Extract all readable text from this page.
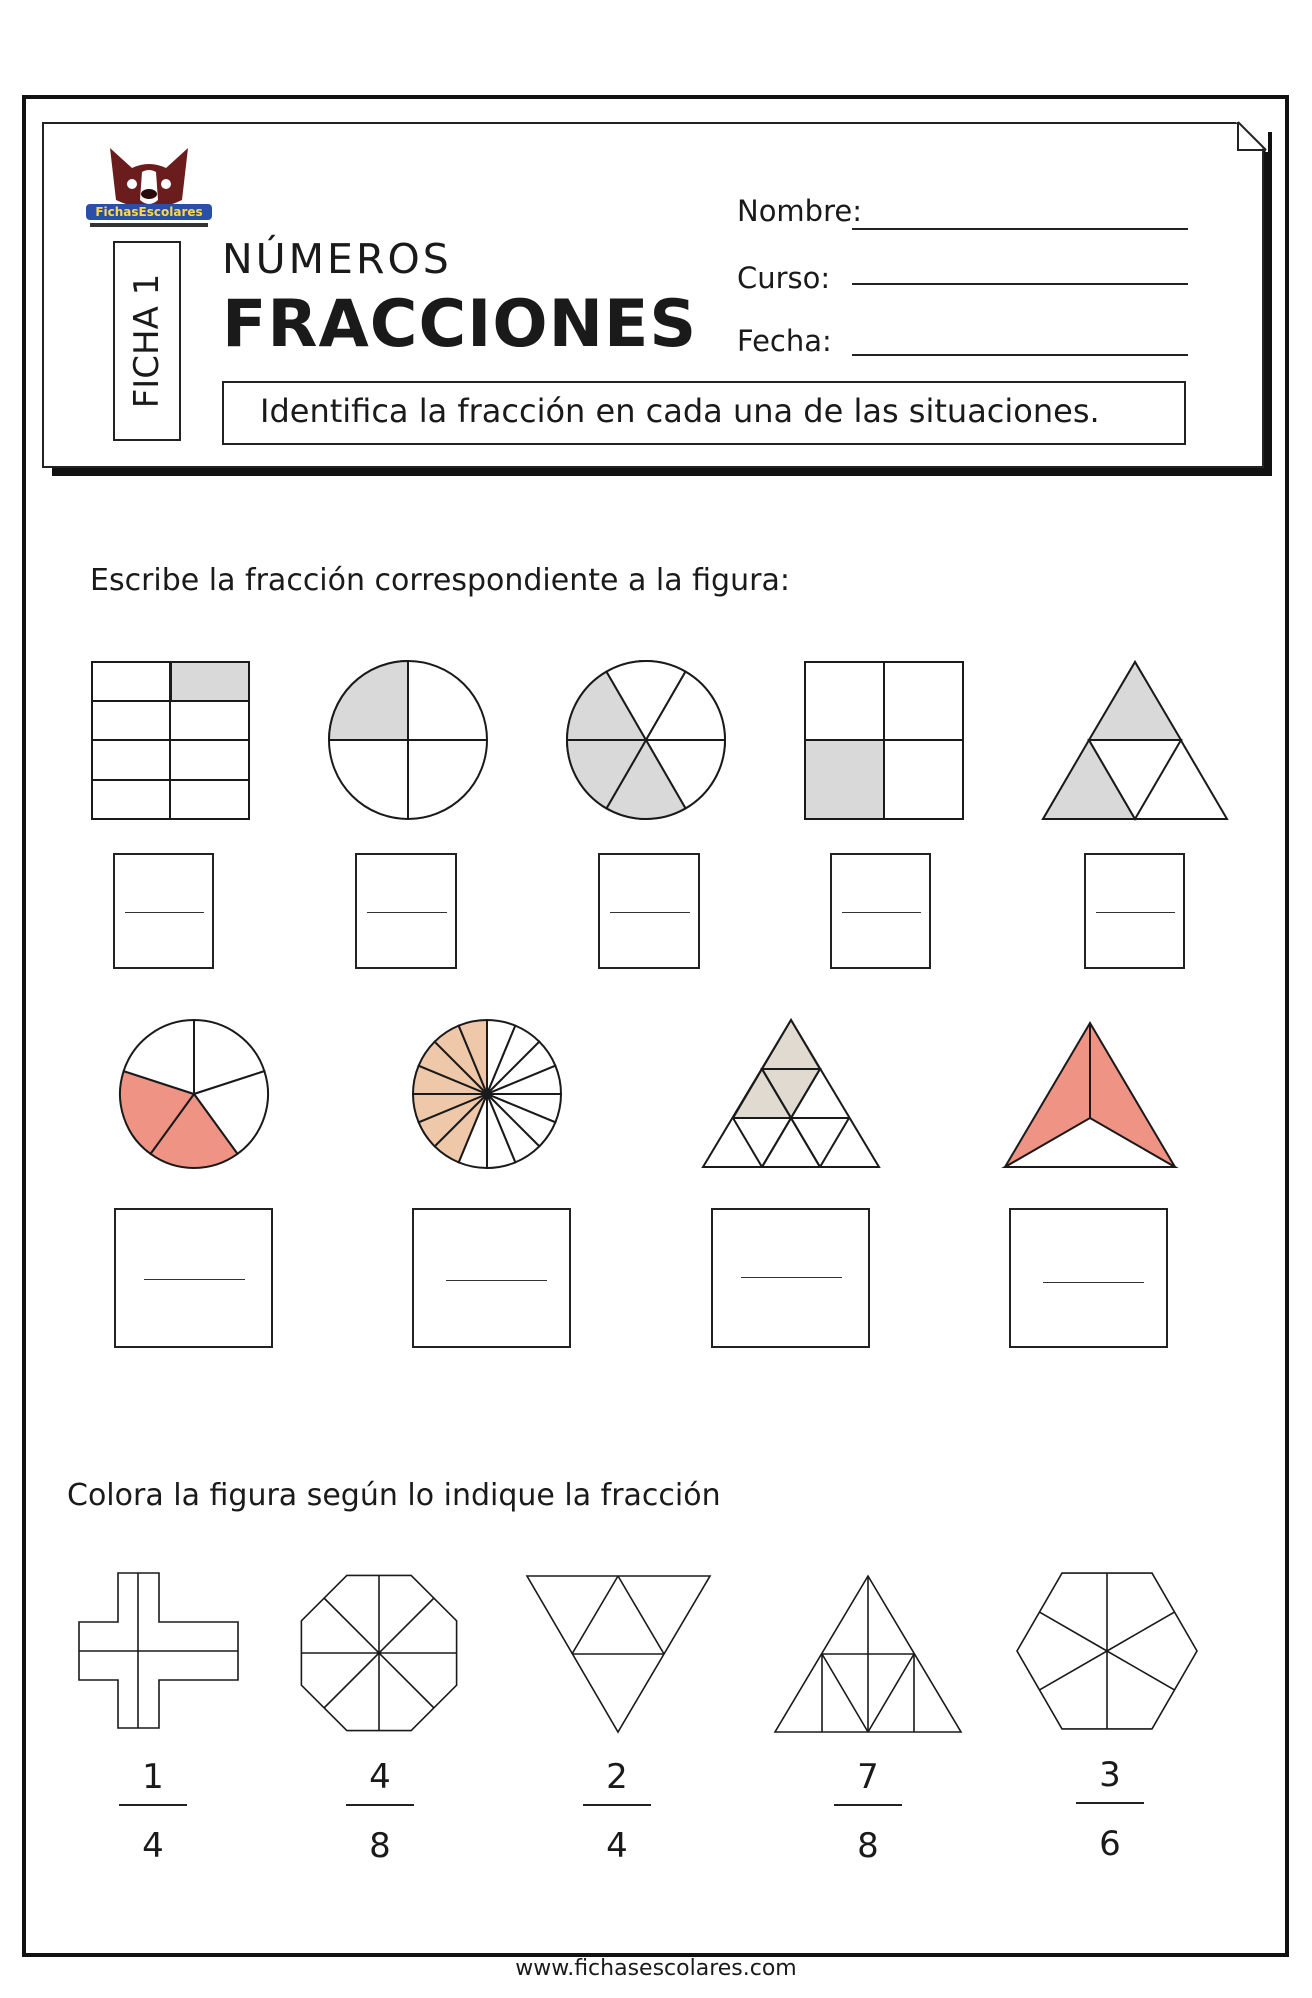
FichasEscolares
FICHA 1
NÚMEROS
FRACCIONES
Nombre:
Curso:
Fecha:
Identifica la fracción en cada una de las situaciones.
Escribe la fracción correspondiente a la figura:
Colora la figura según lo indique la fracción
1
4
4
8
2
4
7
8
3
6
www.fichasescolares.com
